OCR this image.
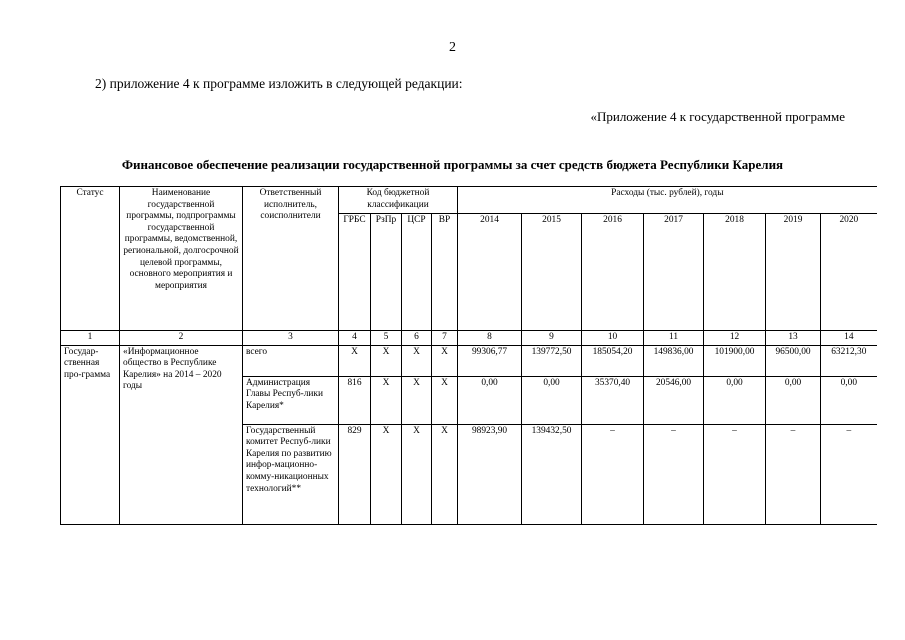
2
2) приложение 4 к программе изложить в следующей редакции:
«Приложение 4 к государственной программе
Финансовое обеспечение реализации государственной программы за счет средств бюджета Республики Карелия
Статус	Наименование государственной программы, подпрограммы государственной программы, ведомственной, региональной, долгосрочной целевой программы, основного мероприятия и мероприятия	Ответственный исполнитель, соисполнители	Код бюджетной классификации				Расходы (тыс. рублей), годы						
			ГРБС	РзПр	ЦСР	ВР	2014	2015	2016	2017	2018	2019	2020
1	2	3	4	5	6	7	8	9	10	11	12	13	14
Государ-ственная про-грамма	«Информационное общество в Республике Карелия» на 2014 – 2020 годы	всего	Х	Х	Х	Х	99306,77	139772,50	185054,20	149836,00	101900,00	96500,00	63212,30
		Администрация Главы Респуб-лики Карелия*	816	Х	Х	Х	0,00	0,00	35370,40	20546,00	0,00	0,00	0,00
		Государственный комитет Респуб-лики Карелия по развитию инфор-мационно-комму-никационных технологий**	829	Х	Х	Х	98923,90	139432,50	–	–	–	–	–
